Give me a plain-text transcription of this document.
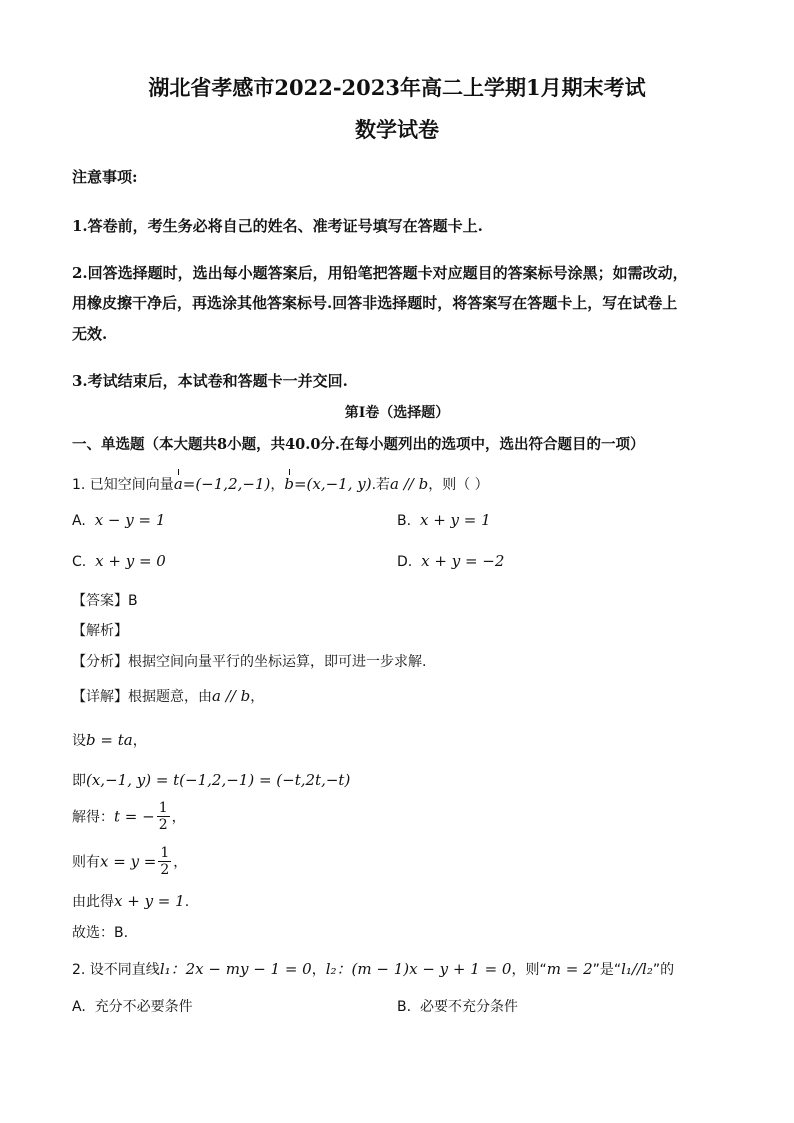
湖北省孝感市2022-2023年高二上学期1月期末考试
数学试卷
注意事项:
1.答卷前，考生务必将自己的姓名、准考证号填写在答题卡上.
2.回答选择题时，选出每小题答案后，用铅笔把答题卡对应题目的答案标号涂黑；如需改动，
用橡皮擦干净后，再选涂其他答案标号.回答非选择题时，将答案写在答题卡上，写在试卷上
无效.
3.考试结束后，本试卷和答题卡一并交回.
第Ⅰ卷（选择题）
一、单选题（本大题共8小题，共40.0分.在每小题列出的选项中，选出符合题目的一项）
1. 已知空间向量a=(−1,2,−1)，b=(x,−1, y).若a // b，则（ ）
A. x − y = 1	B. x + y = 1
C. x + y = 0	D. x + y = −2
【答案】B
【解析】
【分析】根据空间向量平行的坐标运算，即可进一步求解.
【详解】根据题意，由a // b，
设b = ta，
即(x,−1, y) = t(−1,2,−1) = (−t,2t,−t)
解得：t = − $\frac{1}{2}$ ，
则有$x = y = \frac{1}{2}$ ，
由此得x + y = 1.
故选：B.
2. 设不同直线l₁：2x − my − 1 = 0，l₂：(m − 1)x − y + 1 = 0，则“m = 2”是“l₁//l₂”的
A. 充分不必要条件	B. 必要不充分条件
